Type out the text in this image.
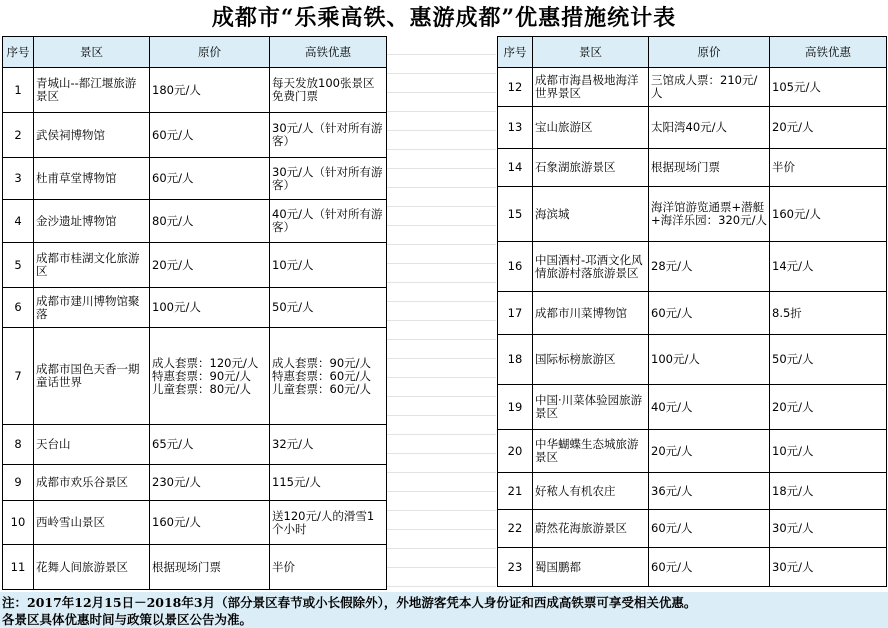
成都市“乐乘高铁、惠游成都”优惠措施统计表
序号	景区	原价	高铁优惠
1	青城山--都江堰旅游景区	180元/人	每天发放100张景区免费门票
2	武侯祠博物馆	60元/人	30元/人（针对所有游客）
3	杜甫草堂博物馆	60元/人	30元/人（针对所有游客）
4	金沙遗址博物馆	80元/人	40元/人（针对所有游客）
5	成都市桂湖文化旅游区	20元/人	10元/人
6	成都市建川博物馆聚落	100元/人	50元/人
7	成都市国色天香一期童话世界	成人套票：120元/人
特惠套票：90元/人
儿童套票：80元/人	成人套票：90元/人
特惠套票：60元/人
儿童套票：60元/人
8	天台山	65元/人	32元/人
9	成都市欢乐谷景区	230元/人	115元/人
10	西岭雪山景区	160元/人	送120元/人的滑雪1个小时
11	花舞人间旅游景区	根据现场门票	半价
序号	景区	原价	高铁优惠
12	成都市海昌极地海洋世界景区	三馆成人票：210元/人	105元/人
13	宝山旅游区	太阳湾40元/人	20元/人
14	石象湖旅游景区	根据现场门票	半价
15	海滨城	海洋馆游览通票+潜艇+海洋乐园：320元/人	160元/人
16	中国酒村-邛酒文化风情旅游村落旅游景区	28元/人	14元/人
17	成都市川菜博物馆	60元/人	8.5折
18	国际标榜旅游区	100元/人	50元/人
19	中国·川菜体验园旅游景区	40元/人	20元/人
20	中华蝴蝶生态城旅游景区	20元/人	10元/人
21	好秾人有机农庄	36元/人	18元/人
22	蔚然花海旅游景区	60元/人	30元/人
23	蜀国鹏都	60元/人	30元/人
注：2017年12月15日－2018年3月（部分景区春节或小长假除外），外地游客凭本人身份证和西成高铁票可享受相关优惠。
各景区具体优惠时间与政策以景区公告为准。
